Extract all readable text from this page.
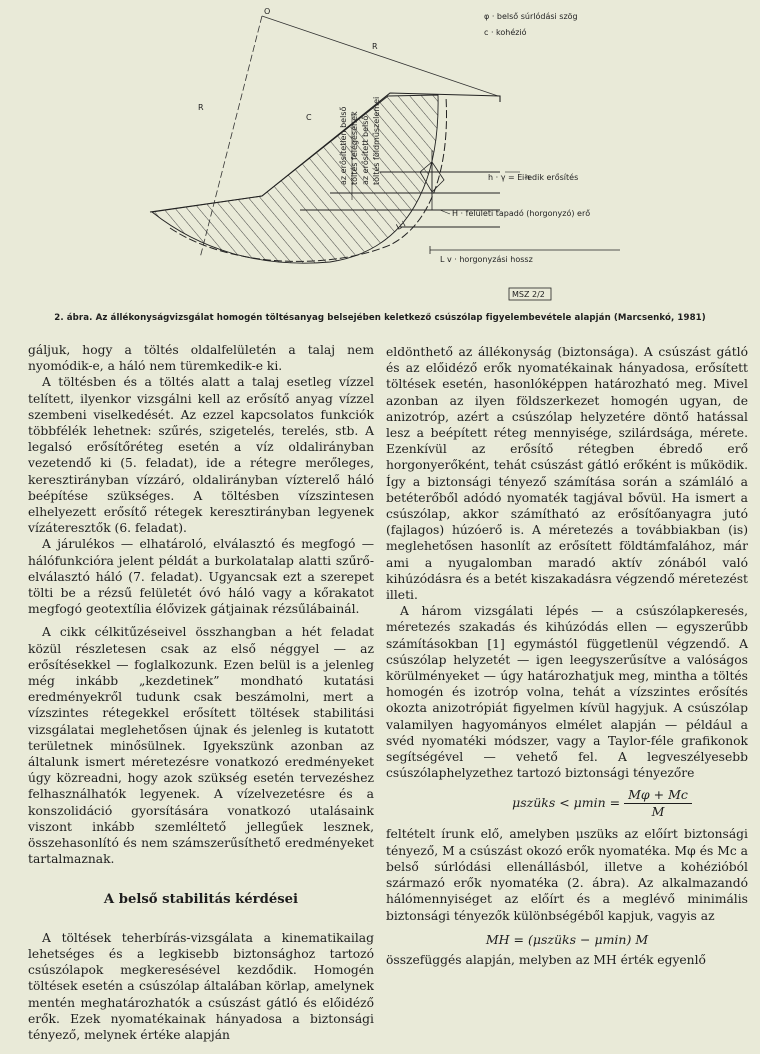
O
R
R
C
φ · belső súrlódási szög
c · kohézió
az erősítetlen belső töltés felégésének az erősített belső töltés földműszelemei	h · γ = E h
i-edik erősítés
H · felületi tapadó (horgonyzó) erő
L i
L v · horgonyzási hossz
MSZ 2/2
2. ábra. Az állékonyságvizsgálat homogén töltésanyag belsejében keletkező csúszólap figyelembevétele alapján (Marcsenkó, 1981)

gáljuk, hogy a töltés oldalfelületén a talaj nem nyomódik-e, a háló nem türemkedik-e ki.

A töltésben és a töltés alatt a talaj esetleg vízzel telített, ilyenkor vizsgálni kell az erősítő anyag vízzel szembeni viselkedését. Az ezzel kapcsolatos funkciók többfélék lehetnek: szűrés, szigetelés, terelés, stb. A legalsó erősítőréteg esetén a víz oldalirányban vezetendő ki (5. feladat), ide a rétegre merőleges, keresztirányban vízzáró, oldalirányban vízterelő háló beépítése szükséges. A töltésben vízszintesen elhelyezett erősítő rétegek keresztirányban legyenek vízáteresztők (6. feladat).

A járulékos — elhatároló, elválasztó és megfogó — hálófunkcióra jelent példát a burkolatalap alatti szűrő-elválasztó háló (7. feladat). Ugyancsak ezt a szerepet tölti be a rézsű felületét óvó háló vagy a kőrakatot megfogó geotextília élővizek gátjainak rézsűlábainál.

A cikk célkitűzéseivel összhangban a hét feladat közül részletesen csak az első néggyel — az erősítésekkel — foglalkozunk. Ezen belül is a jelenleg még inkább „kezdetinek” mondható kutatási eredményekről tudunk csak beszámolni, mert a vízszintes rétegekkel erősített töltések stabilitási vizsgálatai meglehetősen újnak és jelenleg is kutatott területnek minősülnek. Igyekszünk azonban az általunk ismert méretezésre vonatkozó eredményeket úgy közreadni, hogy azok szükség esetén tervezéshez felhasználhatók legyenek. A vízelvezetésre és a konszolidáció gyorsítására vonatkozó utalásaink viszont inkább szemléltető jellegűek lesznek, összehasonlító és nem számszerűsíthető eredményeket tartalmaznak.

A belső stabilitás kérdései

A töltések teherbírás-vizsgálata a kinematikailag lehetséges és a legkisebb biztonsághoz tartozó csúszólapok megkeresésével kezdődik. Homogén töltések esetén a csúszólap általában körlap, amelynek mentén meghatározhatók a csúszást gátló és előidéző erők. Ezek nyomatékainak hányadosa a biztonsági tényező, melynek értéke alapján

eldönthető az állékonyság (biztonsága). A csúszást gátló és az előidéző erők nyomatékainak hányadosa, erősített töltések esetén, hasonlóképpen határozható meg. Mivel azonban az ilyen földszerkezet homogén ugyan, de anizotróp, azért a csúszólap helyzetére döntő hatással lesz a beépített réteg mennyisége, szilárdsága, mérete. Ezenkívül az erősítő rétegben ébredő erő horgonyerőként, tehát csúszást gátló erőként is működik. Így a biztonsági tényező számítása során a számláló a betéterőből adódó nyomaték tagjával bővül. Ha ismert a csúszólap, akkor számítható az erősítőanyagra jutó (fajlagos) húzóerő is. A méretezés a továbbiakban (is) meglehetősen hasonlít az erősített földtámfalához, már ami a nyugalomban maradó aktív zónából való kihúzódásra és a betét kiszakadásra végzendő méretezést illeti.

A három vizsgálati lépés — a csúszólapkeresés, méretezés szakadás és kihúzódás ellen — egyszerűbb számításokban [1] egymástól függetlenül végzendő. A csúszólap helyzetét — igen leegyszerűsítve a valóságos körülményeket — úgy határozhatjuk meg, mintha a töltés homogén és izotróp volna, tehát a vízszintes erősítés okozta anizotrópiát figyelmen kívül hagyjuk. A csúszólap valamilyen hagyományos elmélet alapján — például a svéd nyomatéki módszer, vagy a Taylor-féle grafikonok segítségével — vehető fel. A legveszélyesebb csúszólaphelyzethez tartozó biztonsági tényezőre

μszüks < $\mu\min = \frac{M\varphi + Mc}{M}$

feltételt írunk elő, amelyben μszüks az előírt biztonsági tényező, M a csúszást okozó erők nyomatéka. Mφ és Mc a belső súrlódási ellenállásból, illetve a kohézióból származó erők nyomatéka (2. ábra). Az alkalmazandó hálómennyiséget az előírt és a meglévő minimális biztonsági tényezők különbségéből kapjuk, vagyis az

MH = (μszüks − μmin) M

összefüggés alapján, melyben az MH érték egyenlő
